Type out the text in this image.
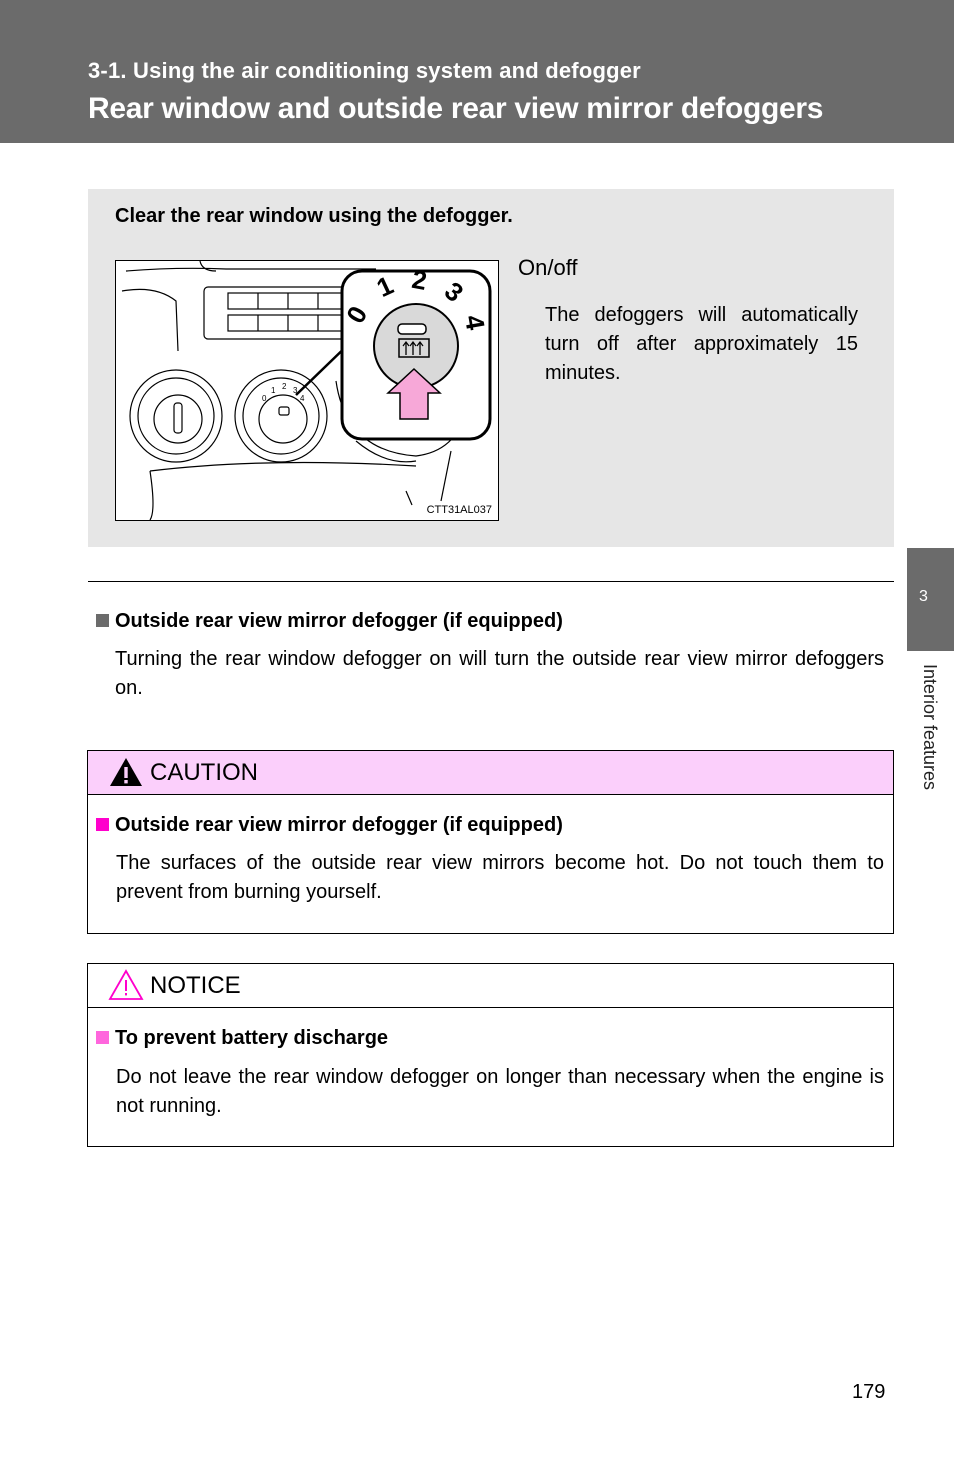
3-1. Using the air conditioning system and defogger
Rear window and outside rear view mirror defoggers
3
Interior features
Clear the rear window using the defogger.
0
1 2 3
4
0
1 2 3
4
CTT31AL037
On/off
The defoggers will automatically turn off after approximately 15 minutes.
Outside rear view mirror defogger (if equipped)
Turning the rear window defogger on will turn the outside rear view mirror defoggers on.
CAUTION
Outside rear view mirror defogger (if equipped)
The surfaces of the outside rear view mirrors become hot. Do not touch them to prevent from burning yourself.
NOTICE
To prevent battery discharge
Do not leave the rear window defogger on longer than necessary when the engine is not running.
179
